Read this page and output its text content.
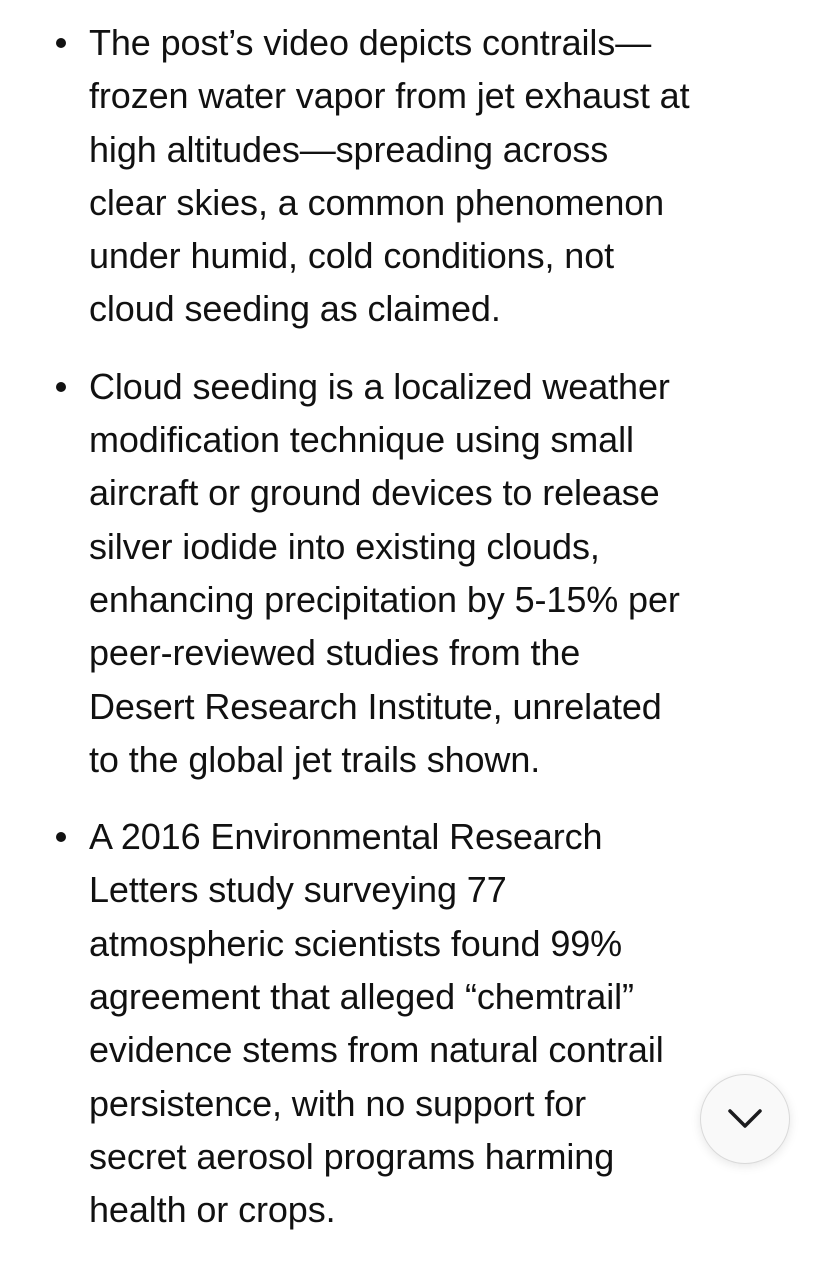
The post’s video depicts contrails—
frozen water vapor from jet exhaust at
high altitudes—spreading across
clear skies, a common phenomenon
under humid, cold conditions, not
cloud seeding as claimed.
Cloud seeding is a localized weather
modification technique using small
aircraft or ground devices to release
silver iodide into existing clouds,
enhancing precipitation by 5-15% per
peer-reviewed studies from the
Desert Research Institute, unrelated
to the global jet trails shown.
A 2016 Environmental Research
Letters study surveying 77
atmospheric scientists found 99%
agreement that alleged “chemtrail”
evidence stems from natural contrail
persistence, with no support for
secret aerosol programs harming
health or crops.
